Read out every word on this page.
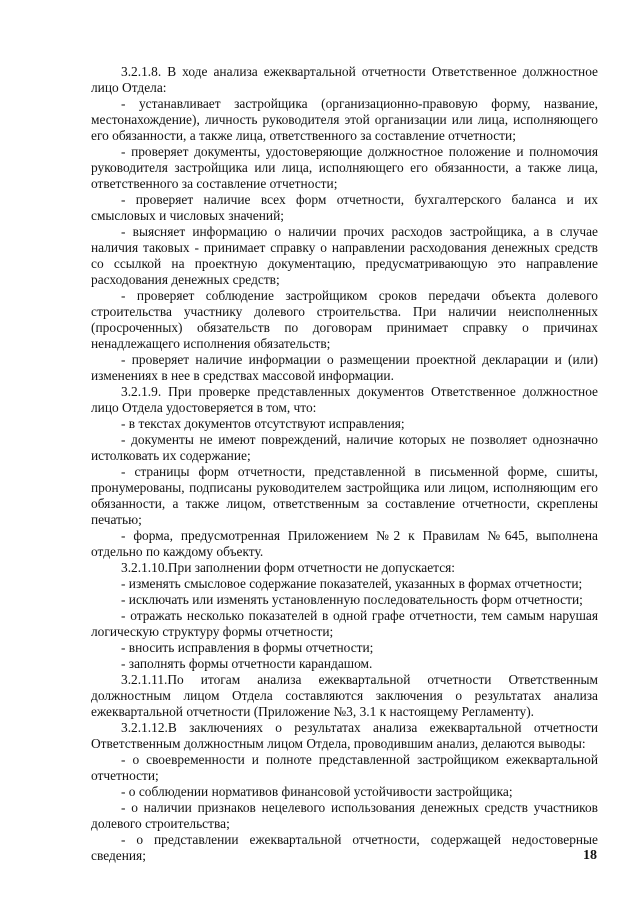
3.2.1.8. В ходе анализа ежеквартальной отчетности Ответственное должностное лицо Отдела:

- устанавливает застройщика (организационно-правовую форму, название, местонахождение), личность руководителя этой организации или лица, исполняющего его обязанности, а также лица, ответственного за составление отчетности;

- проверяет документы, удостоверяющие должностное положение и полномочия руководителя застройщика или лица, исполняющего его обязанности, а также лица, ответственного за составление отчетности;

- проверяет наличие всех форм отчетности, бухгалтерского баланса и их смысловых и числовых значений;

- выясняет информацию о наличии прочих расходов застройщика, а в случае наличия таковых - принимает справку о направлении расходования денежных средств со ссылкой на проектную документацию, предусматривающую это направление расходования денежных средств;

- проверяет соблюдение застройщиком сроков передачи объекта долевого строительства участнику долевого строительства. При наличии неисполненных (просроченных) обязательств по договорам принимает справку о причинах ненадлежащего исполнения обязательств;

- проверяет наличие информации о размещении проектной декларации и (или) изменениях в нее в средствах массовой информации.

3.2.1.9. При проверке представленных документов Ответственное должностное лицо Отдела удостоверяется в том, что:

- в текстах документов отсутствуют исправления;

- документы не имеют повреждений, наличие которых не позволяет однозначно истолковать их содержание;

- страницы форм отчетности, представленной в письменной форме, сшиты, пронумерованы, подписаны руководителем застройщика или лицом, исполняющим его обязанности, а также лицом, ответственным за составление отчетности, скреплены печатью;

- форма, предусмотренная Приложением №2 к Правилам №645, выполнена отдельно по каждому объекту.

3.2.1.10.При заполнении форм отчетности не допускается:

- изменять смысловое содержание показателей, указанных в формах отчетности;

- исключать или изменять установленную последовательность форм отчетности;

- отражать несколько показателей в одной графе отчетности, тем самым нарушая логическую структуру формы отчетности;

- вносить исправления в формы отчетности;

- заполнять формы отчетности карандашом.

3.2.1.11.По итогам анализа ежеквартальной отчетности Ответственным должностным лицом Отдела составляются заключения о результатах анализа ежеквартальной отчетности (Приложение №3, 3.1 к настоящему Регламенту).

3.2.1.12.В заключениях о результатах анализа ежеквартальной отчетности Ответственным должностным лицом Отдела, проводившим анализ, делаются выводы:

- о своевременности и полноте представленной застройщиком ежеквартальной отчетности;

- о соблюдении нормативов финансовой устойчивости застройщика;

- о наличии признаков нецелевого использования денежных средств участников долевого строительства;

- о представлении ежеквартальной отчетности, содержащей недостоверные сведения;	18
